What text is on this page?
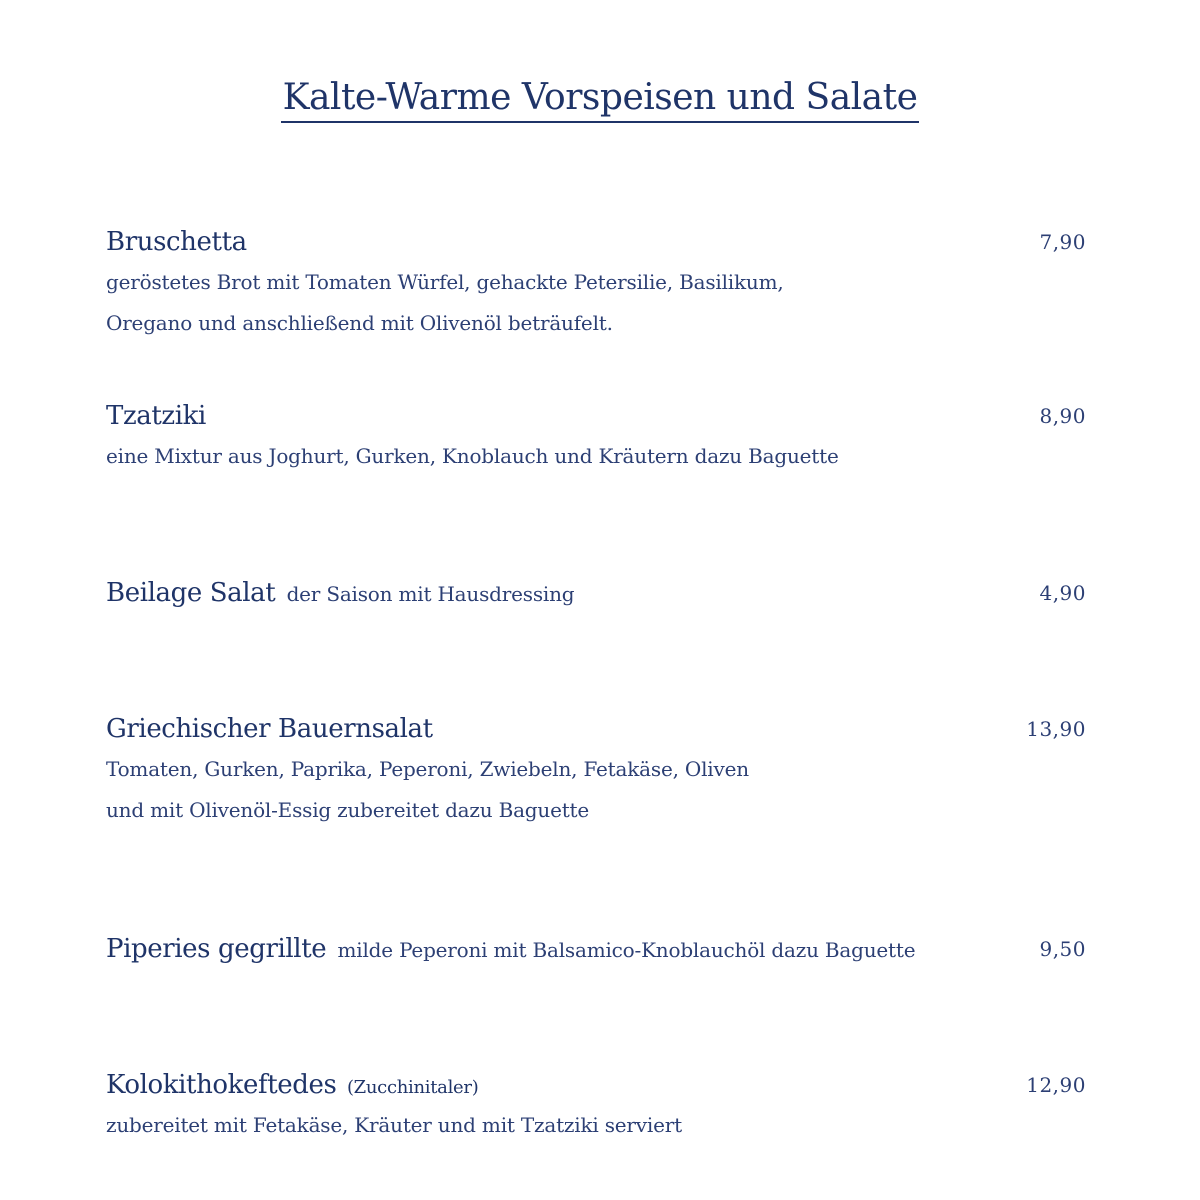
Kalte-Warme Vorspeisen und Salate
Bruschetta	7,90
geröstetes Brot mit Tomaten Würfel, gehackte Petersilie, Basilikum,
Oregano und anschließend mit Olivenöl beträufelt.
Tzatziki	8,90
eine Mixtur aus Joghurt, Gurken, Knoblauch und Kräutern dazu Baguette
Beilage Salat  der Saison mit Hausdressing	4,90
Griechischer Bauernsalat	13,90
Tomaten, Gurken, Paprika, Peperoni, Zwiebeln, Fetakäse, Oliven
und mit Olivenöl-Essig zubereitet dazu Baguette
Piperies gegrillte  milde Peperoni mit Balsamico-Knoblauchöl dazu Baguette	9,50
Kolokithokeftedes  (Zucchinitaler)	12,90
zubereitet mit Fetakäse, Kräuter und mit Tzatziki serviert
